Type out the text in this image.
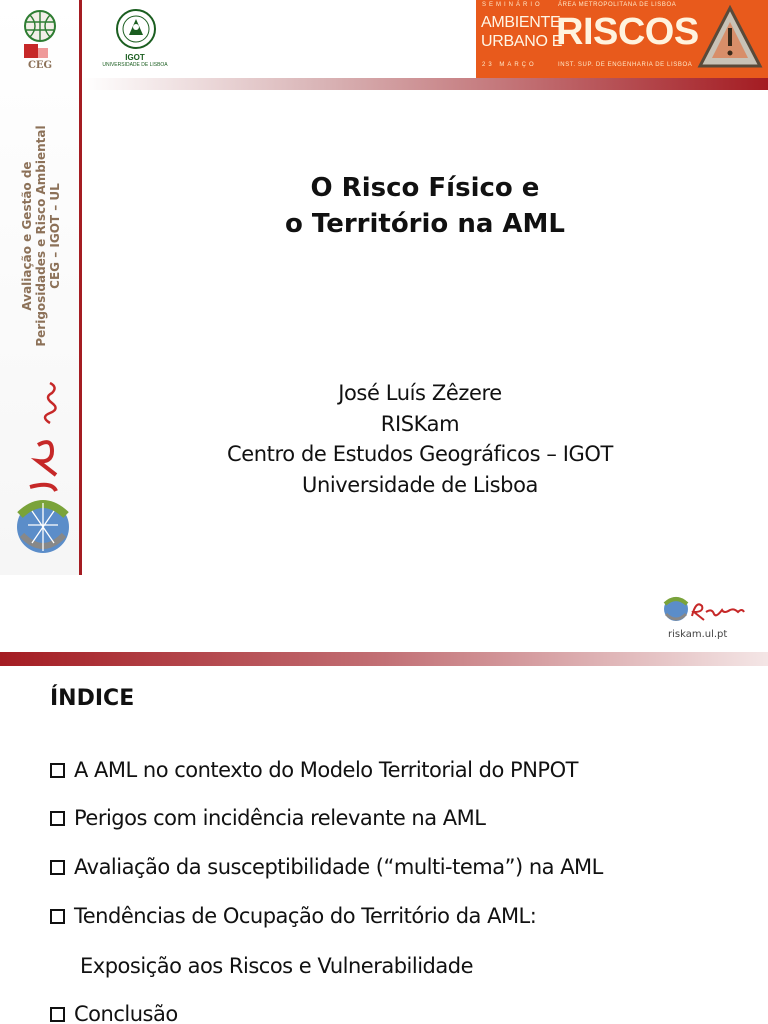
CEG
Avaliação e Gestão de Perigosidades e Risco Ambiental CEG – IGOT – UL
IGOT
UNIVERSIDADE DE LISBOA
SEMINÁRIO	ÁREA METROPOLITANA DE LISBOA
AMBIENTE
URBANO E
RISCOS
23 MARÇO	INST. SUP. DE ENGENHARIA DE LISBOA
O Risco Físico e
o Território na AML
José Luís Zêzere
RISKam
Centro de Estudos Geográficos – IGOT
Universidade de Lisboa
riskam.ul.pt
ÍNDICE
A AML no contexto do Modelo Territorial do PNPOT
Perigos com incidência relevante na AML
Avaliação da susceptibilidade (“multi-tema”) na AML
Tendências de Ocupação do Território da AML:
Exposição aos Riscos e Vulnerabilidade
Conclusão
